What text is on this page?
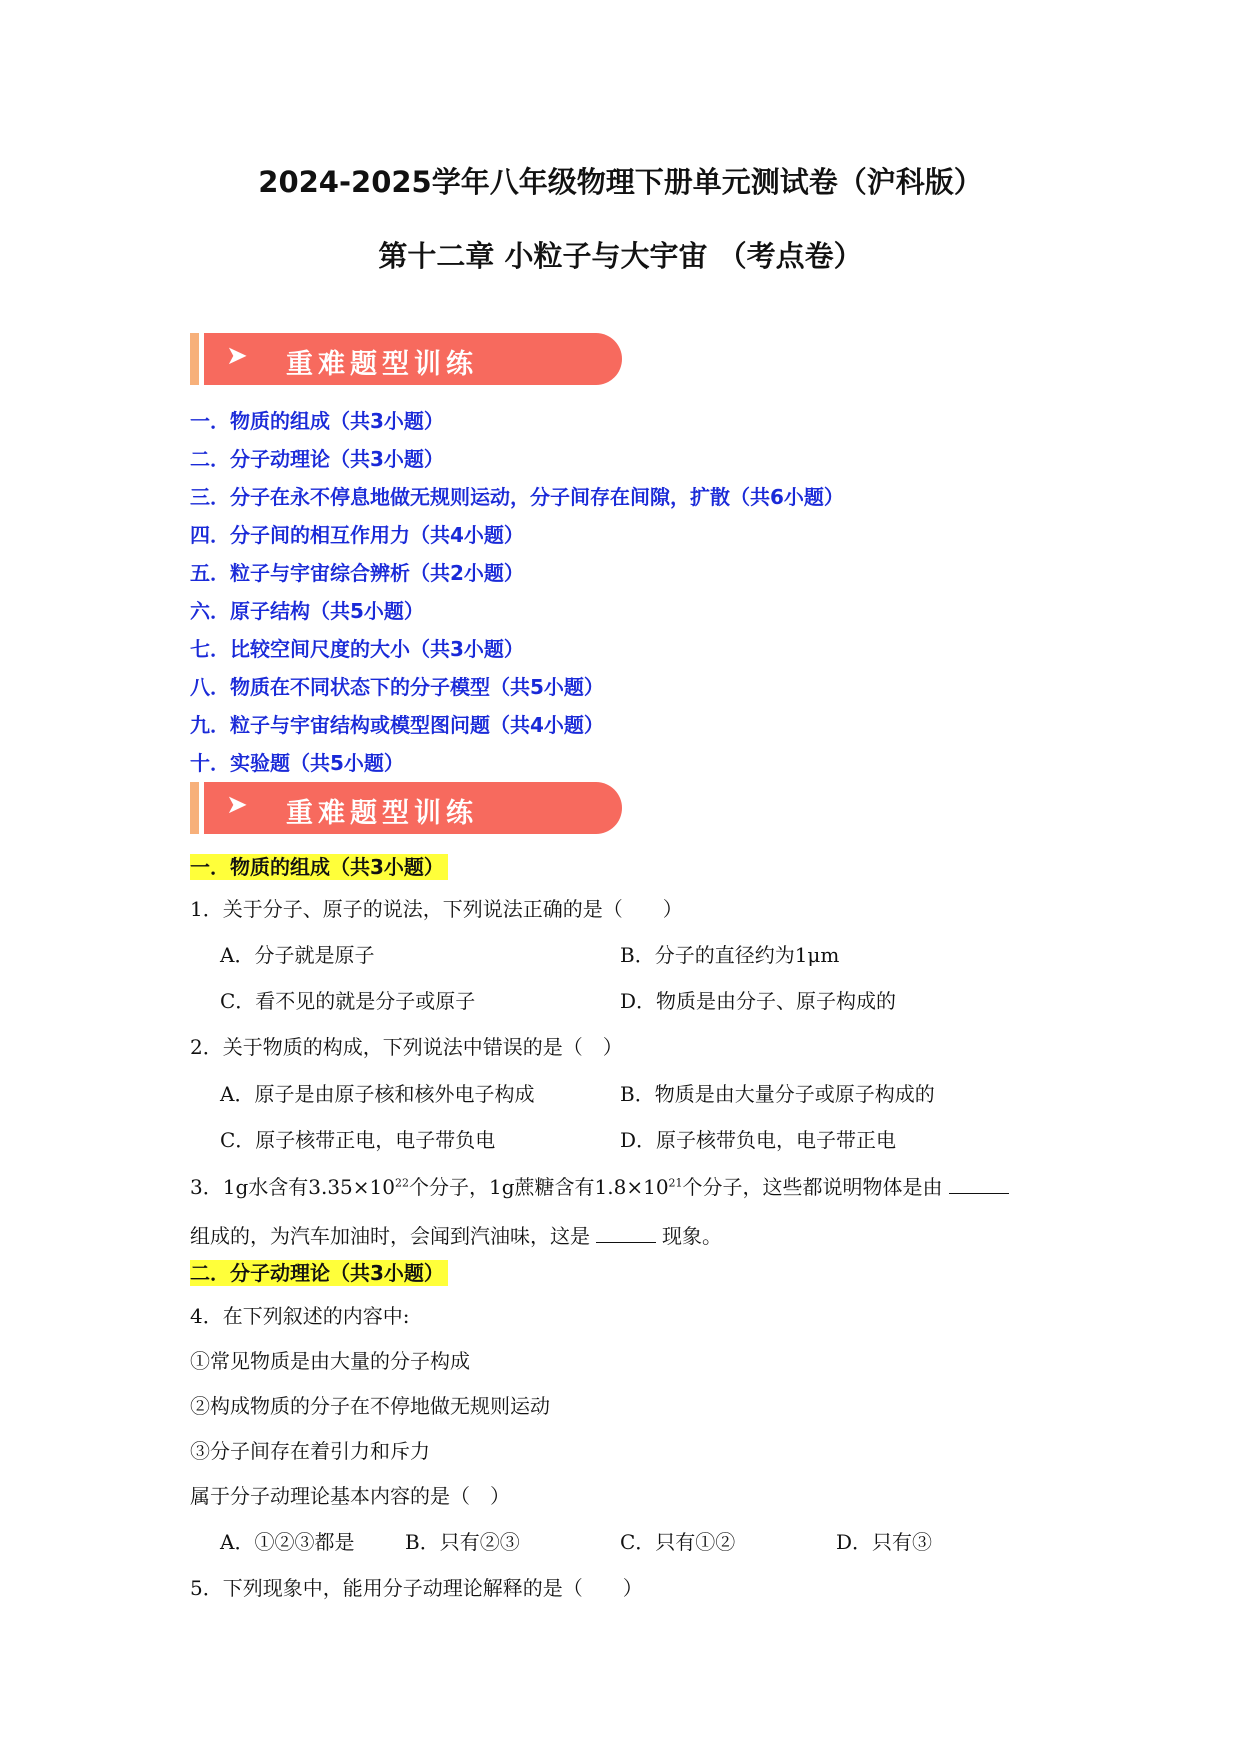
2024-2025学年八年级物理下册单元测试卷（沪科版）
第十二章 小粒子与大宇宙 （考点卷）
➤ 重难题型训练
一．物质的组成（共3小题）
二．分子动理论（共3小题）
三．分子在永不停息地做无规则运动，分子间存在间隙，扩散（共6小题）
四．分子间的相互作用力（共4小题）
五．粒子与宇宙综合辨析（共2小题）
六．原子结构（共5小题）
七．比较空间尺度的大小（共3小题）
八．物质在不同状态下的分子模型（共5小题）
九．粒子与宇宙结构或模型图问题（共4小题）
十．实验题（共5小题）
➤ 重难题型训练
一．物质的组成（共3小题）
1．关于分子、原子的说法，下列说法正确的是（　　）
A．分子就是原子	B．分子的直径约为1μm
C．看不见的就是分子或原子	D．物质是由分子、原子构成的
2．关于物质的构成，下列说法中错误的是（　）
A．原子是由原子核和核外电子构成	B．物质是由大量分子或原子构成的
C．原子核带正电，电子带负电	D．原子核带负电，电子带正电
3．1g水含有$3.35\times 10^{22}$个分子，1g蔗糖含有$1.8\times 10^{21}$个分子，这些都说明物体是由
组成的，为汽车加油时，会闻到汽油味，这是	现象。
二．分子动理论（共3小题）
4．在下列叙述的内容中:
①常见物质是由大量的分子构成
②构成物质的分子在不停地做无规则运动
③分子间存在着引力和斥力
属于分子动理论基本内容的是（　）
A．①②③都是	B．只有②③	C．只有①②	D．只有③
5．下列现象中，能用分子动理论解释的是（　　）
